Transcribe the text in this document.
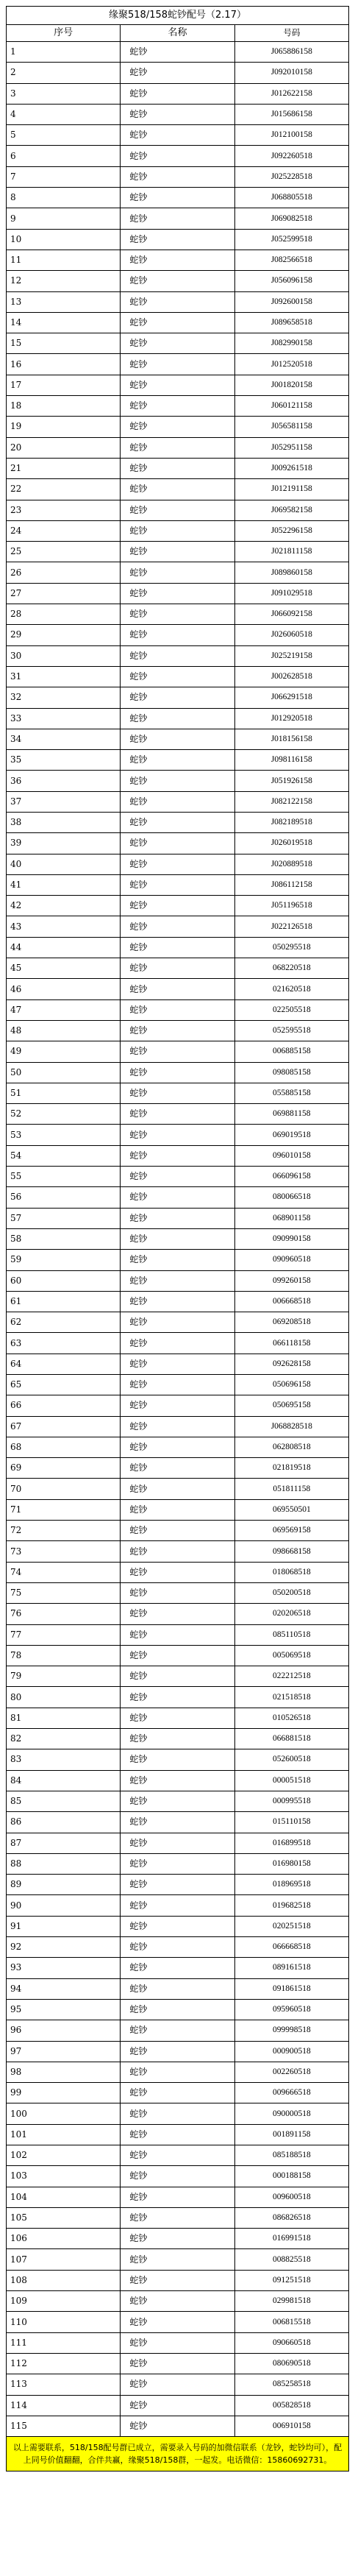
缘聚518/158蛇钞配号（2.17）		
序号	名称	号码
1	蛇钞	J065886158
2	蛇钞	J092010158
3	蛇钞	J012622158
4	蛇钞	J015686158
5	蛇钞	J012100158
6	蛇钞	J092260518
7	蛇钞	J025228518
8	蛇钞	J068805518
9	蛇钞	J069082518
10	蛇钞	J052599518
11	蛇钞	J082566518
12	蛇钞	J056096158
13	蛇钞	J092600158
14	蛇钞	J089658518
15	蛇钞	J082990158
16	蛇钞	J012520518
17	蛇钞	J001820158
18	蛇钞	J060121158
19	蛇钞	J056581158
20	蛇钞	J052951158
21	蛇钞	J009261518
22	蛇钞	J012191158
23	蛇钞	J069582158
24	蛇钞	J052296158
25	蛇钞	J021811158
26	蛇钞	J089860158
27	蛇钞	J091029518
28	蛇钞	J066092158
29	蛇钞	J026060518
30	蛇钞	J025219158
31	蛇钞	J002628518
32	蛇钞	J066291518
33	蛇钞	J012920518
34	蛇钞	J018156158
35	蛇钞	J098116158
36	蛇钞	J051926158
37	蛇钞	J082122158
38	蛇钞	J082189518
39	蛇钞	J026019518
40	蛇钞	J020889518
41	蛇钞	J086112158
42	蛇钞	J051196518
43	蛇钞	J022126518
44	蛇钞	050295518
45	蛇钞	068220518
46	蛇钞	021620518
47	蛇钞	022505518
48	蛇钞	052595518
49	蛇钞	006885158
50	蛇钞	098085158
51	蛇钞	055885158
52	蛇钞	069881158
53	蛇钞	069019518
54	蛇钞	096010158
55	蛇钞	066096158
56	蛇钞	080066518
57	蛇钞	068901158
58	蛇钞	090990158
59	蛇钞	090960518
60	蛇钞	099260158
61	蛇钞	006668518
62	蛇钞	069208518
63	蛇钞	066118158
64	蛇钞	092628158
65	蛇钞	050696158
66	蛇钞	050695158
67	蛇钞	J068828518
68	蛇钞	062808518
69	蛇钞	021819518
70	蛇钞	051811158
71	蛇钞	069550501
72	蛇钞	069569158
73	蛇钞	098668158
74	蛇钞	018068518
75	蛇钞	050200518
76	蛇钞	020206518
77	蛇钞	085110518
78	蛇钞	005069518
79	蛇钞	022212518
80	蛇钞	021518518
81	蛇钞	010526518
82	蛇钞	066881518
83	蛇钞	052600518
84	蛇钞	000051518
85	蛇钞	000995518
86	蛇钞	015110158
87	蛇钞	016899518
88	蛇钞	016980158
89	蛇钞	018969518
90	蛇钞	019682518
91	蛇钞	020251518
92	蛇钞	066668518
93	蛇钞	089161518
94	蛇钞	091861518
95	蛇钞	095960518
96	蛇钞	099998518
97	蛇钞	000900518
98	蛇钞	002260518
99	蛇钞	009666518
100	蛇钞	090000518
101	蛇钞	001891158
102	蛇钞	085188518
103	蛇钞	000188158
104	蛇钞	009600518
105	蛇钞	086826518
106	蛇钞	016991518
107	蛇钞	008825518
108	蛇钞	091251518
109	蛇钞	029981518
110	蛇钞	006815518
111	蛇钞	090660518
112	蛇钞	080690518
113	蛇钞	085258518
114	蛇钞	005828518
115	蛇钞	006910158
以上需要联系，518/158配号群已成立，需要录入号码的加微信联系（龙钞，蛇钞均可），配上同号价值翻翻，合伴共赢，缘聚518/158群，一起发。电话微信：15860692731。
